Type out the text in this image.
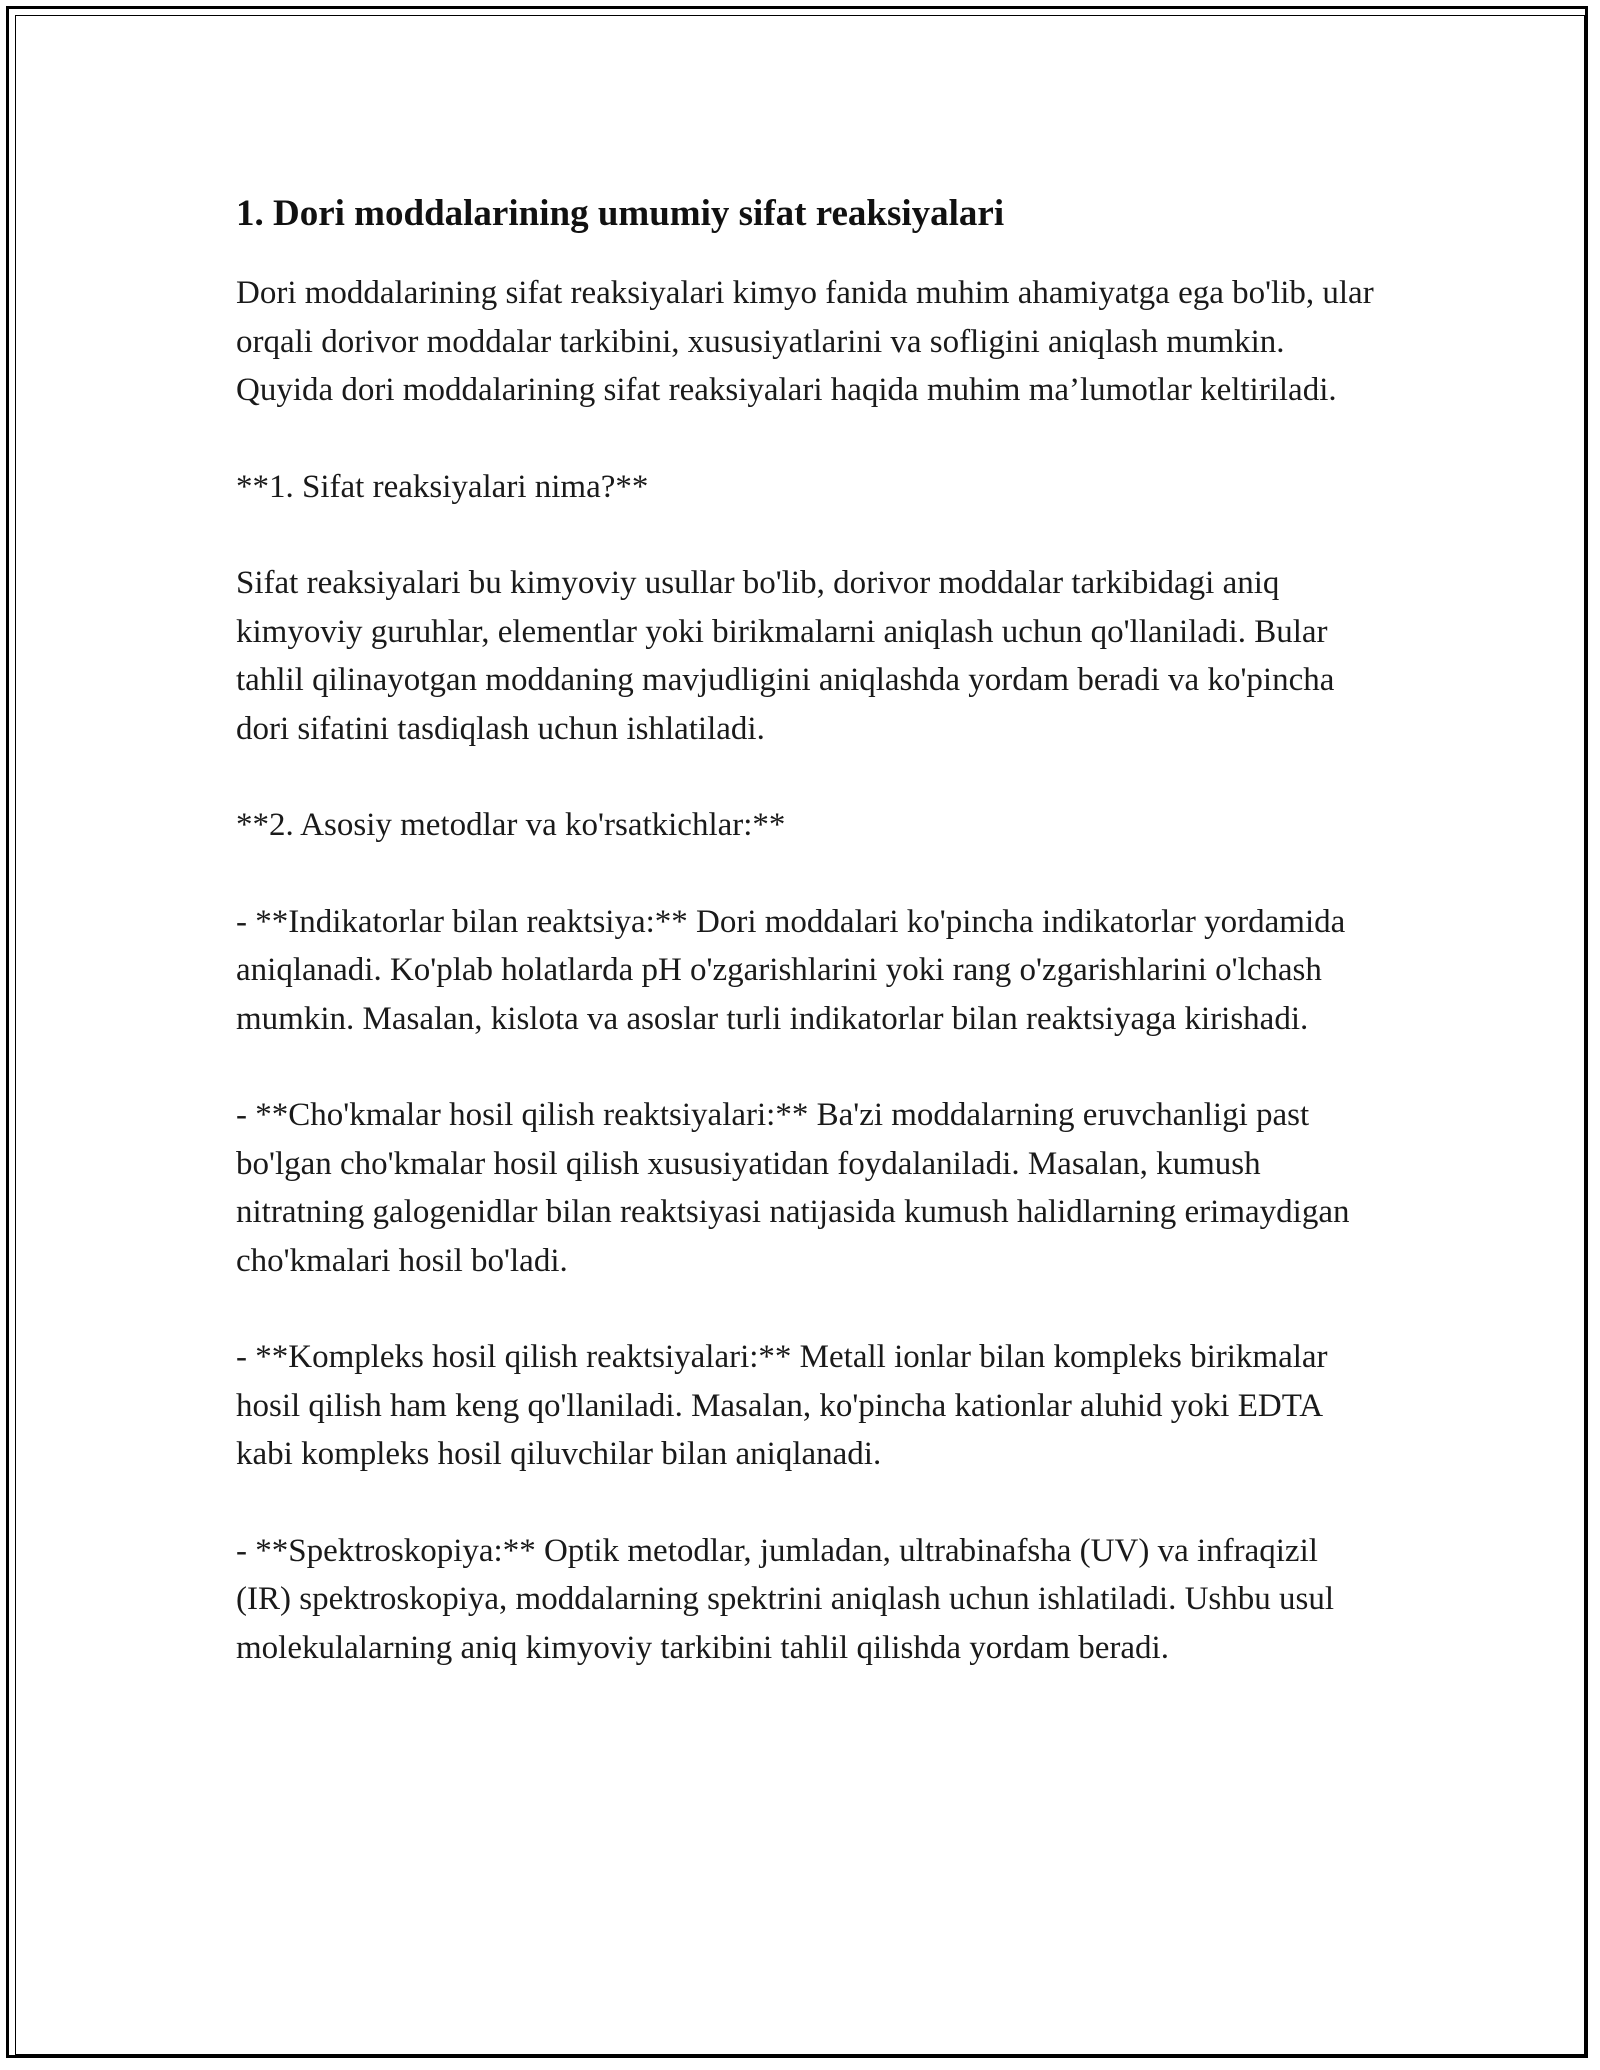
1. Dori moddalarining umumiy sifat reaksiyalari

Dori moddalarining sifat reaksiyalari kimyo fanida muhim ahamiyatga ega bo'lib, ular orqali dorivor moddalar tarkibini, xususiyatlarini va sofligini aniqlash mumkin. Quyida dori moddalarining sifat reaksiyalari haqida muhim ma’lumotlar keltiriladi.

**1. Sifat reaksiyalari nima?**

Sifat reaksiyalari bu kimyoviy usullar bo'lib, dorivor moddalar tarkibidagi aniq kimyoviy guruhlar, elementlar yoki birikmalarni aniqlash uchun qo'llaniladi. Bular tahlil qilinayotgan moddaning mavjudligini aniqlashda yordam beradi va ko'pincha dori sifatini tasdiqlash uchun ishlatiladi.

**2. Asosiy metodlar va ko'rsatkichlar:**

- **Indikatorlar bilan reaktsiya:** Dori moddalari ko'pincha indikatorlar yordamida aniqlanadi. Ko'plab holatlarda pH o'zgarishlarini yoki rang o'zgarishlarini o'lchash mumkin. Masalan, kislota va asoslar turli indikatorlar bilan reaktsiyaga kirishadi.

- **Cho'kmalar hosil qilish reaktsiyalari:** Ba'zi moddalarning eruvchanligi past bo'lgan cho'kmalar hosil qilish xususiyatidan foydalaniladi. Masalan, kumush nitratning galogenidlar bilan reaktsiyasi natijasida kumush halidlarning erimaydigan cho'kmalari hosil bo'ladi.

- **Kompleks hosil qilish reaktsiyalari:** Metall ionlar bilan kompleks birikmalar hosil qilish ham keng qo'llaniladi. Masalan, ko'pincha kationlar aluhid yoki EDTA kabi kompleks hosil qiluvchilar bilan aniqlanadi.

- **Spektroskopiya:** Optik metodlar, jumladan, ultrabinafsha (UV) va infraqizil (IR) spektroskopiya, moddalarning spektrini aniqlash uchun ishlatiladi. Ushbu usul molekulalarning aniq kimyoviy tarkibini tahlil qilishda yordam beradi.
